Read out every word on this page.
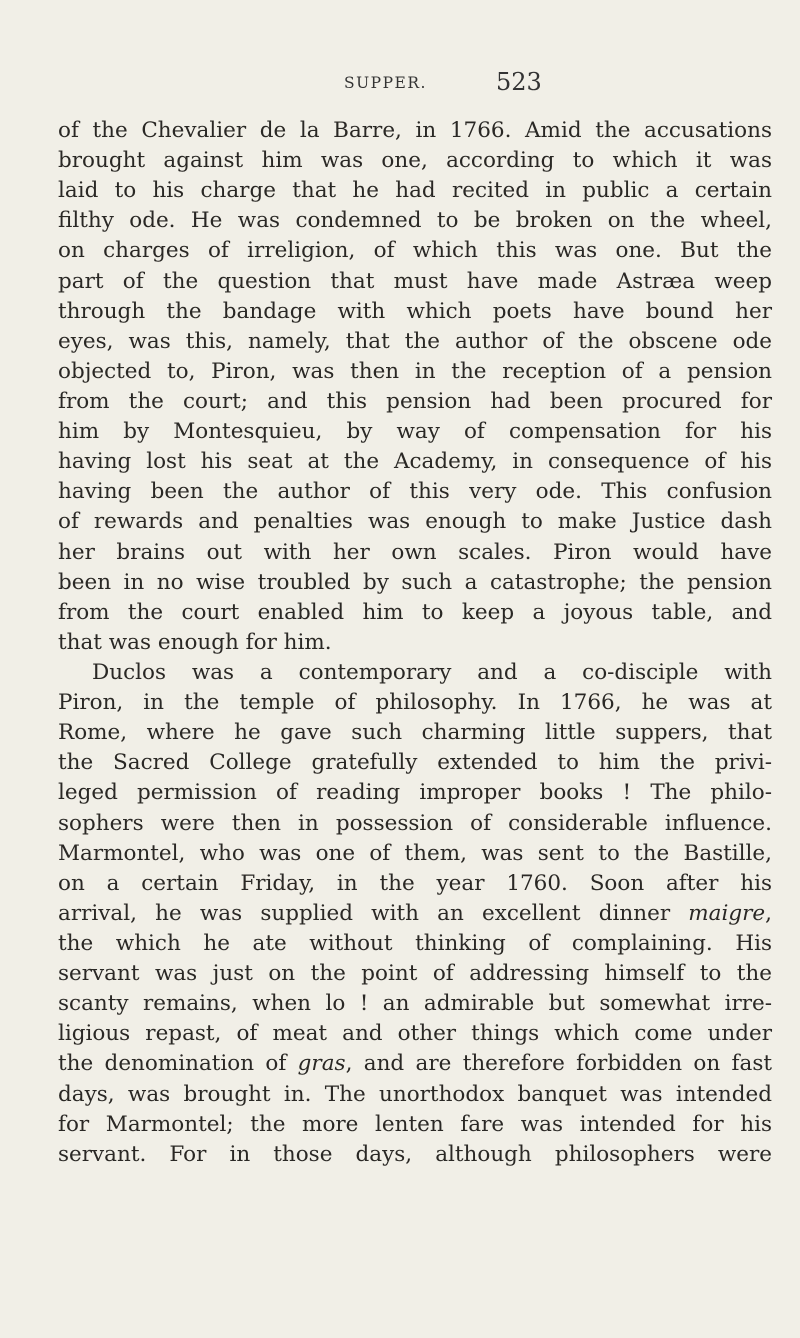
SUPPER.	523
of the Chevalier de la Barre, in 1766. Amid the accusations
brought against him was one, according to which it was
laid to his charge that he had recited in public a certain
filthy ode. He was condemned to be broken on the wheel,
on charges of irreligion, of which this was one. But the
part of the question that must have made Astræa weep
through the bandage with which poets have bound her
eyes, was this, namely, that the author of the obscene ode
objected to, Piron, was then in the reception of a pension
from the court; and this pension had been procured for
him by Montesquieu, by way of compensation for his
having lost his seat at the Academy, in consequence of his
having been the author of this very ode. This confusion
of rewards and penalties was enough to make Justice dash
her brains out with her own scales. Piron would have
been in no wise troubled by such a catastrophe; the pension
from the court enabled him to keep a joyous table, and
that was enough for him.
Duclos was a contemporary and a co-disciple with
Piron, in the temple of philosophy. In 1766, he was at
Rome, where he gave such charming little suppers, that
the Sacred College gratefully extended to him the privi-
leged permission of reading improper books ! The philo-
sophers were then in possession of considerable influence.
Marmontel, who was one of them, was sent to the Bastille,
on a certain Friday, in the year 1760. Soon after his
arrival, he was supplied with an excellent dinner maigre,
the which he ate without thinking of complaining. His
servant was just on the point of addressing himself to the
scanty remains, when lo ! an admirable but somewhat irre-
ligious repast, of meat and other things which come under
the denomination of gras, and are therefore forbidden on fast
days, was brought in. The unorthodox banquet was intended
for Marmontel; the more lenten fare was intended for his
servant. For in those days, although philosophers were
